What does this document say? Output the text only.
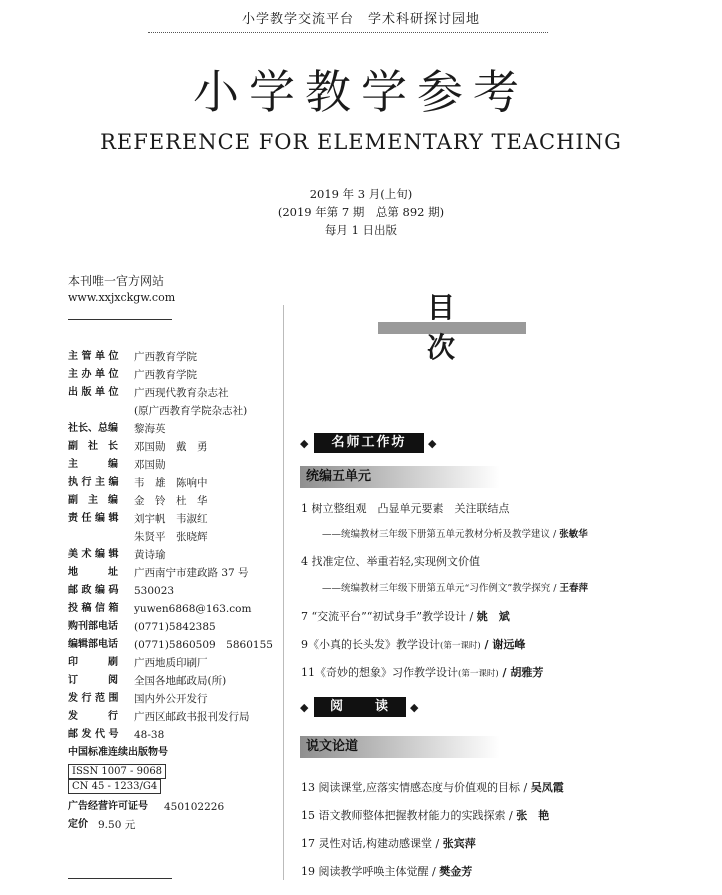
小学教学交流平台　学术科研探讨园地
小学教学参考
REFERENCE FOR ELEMENTARY TEACHING
2019 年 3 月(上旬)
(2019 年第 7 期　总第 892 期)
每月 1 日出版
本刊唯一官方网站
www.xxjxckgw.com
主 管 单 位	广西教育学院
主 办 单 位	广西教育学院
出 版 单 位	广西现代教育杂志社
(原广西教育学院杂志社)
社长、总编	黎海英
副　社　长	邓国勋　戴　勇
主　　　编	邓国勋
执 行 主 编	韦　雄　陈响中
副　主　编	金　铃　杜　华
责 任 编 辑	刘宇帆　韦淑红
朱贤平　张晓辉
美 术 编 辑	黄诗瑜
地　　　址	广西南宁市建政路 37 号
邮 政 编 码	530023
投 稿 信 箱	yuwen6868@163.com
购刊部电话	(0771)5842385
编辑部电话	(0771)5860509　5860155
印　　　刷	广西地质印刷厂
订　　　阅	全国各地邮政局(所)
发 行 范 围	国内外公开发行
发　　　行	广西区邮政书报刊发行局
邮 发 代 号	48-38
中国标准连续出版物号
ISSN 1007 - 9068
CN 45 - 1233/G4
广告经营许可证号	450102226
定价 9.50 元
目　次
◆	名师工作坊	◆
统编五单元
1 树立整组观　凸显单元要素　关注联结点
——统编教材三年级下册第五单元教材分析及教学建议 / 张敏华
4 找准定位、举重若轻,实现例文价值
——统编教材三年级下册第五单元“习作例文”教学探究 / 王春萍
7 “交流平台”“初试身手”教学设计 / 姚　斌
9《小真的长头发》教学设计(第一课时) / 谢远峰
11《奇妙的想象》习作教学设计(第一课时) / 胡雅芳
◆	阅　　读	◆
说文论道
13 阅读课堂,应落实情感态度与价值观的目标 / 吴凤霞
15 语文教师整体把握教材能力的实践探索 / 张　艳
17 灵性对话,构建动感课堂 / 张宾萍
19 阅读教学呼唤主体觉醒 / 樊金芳
